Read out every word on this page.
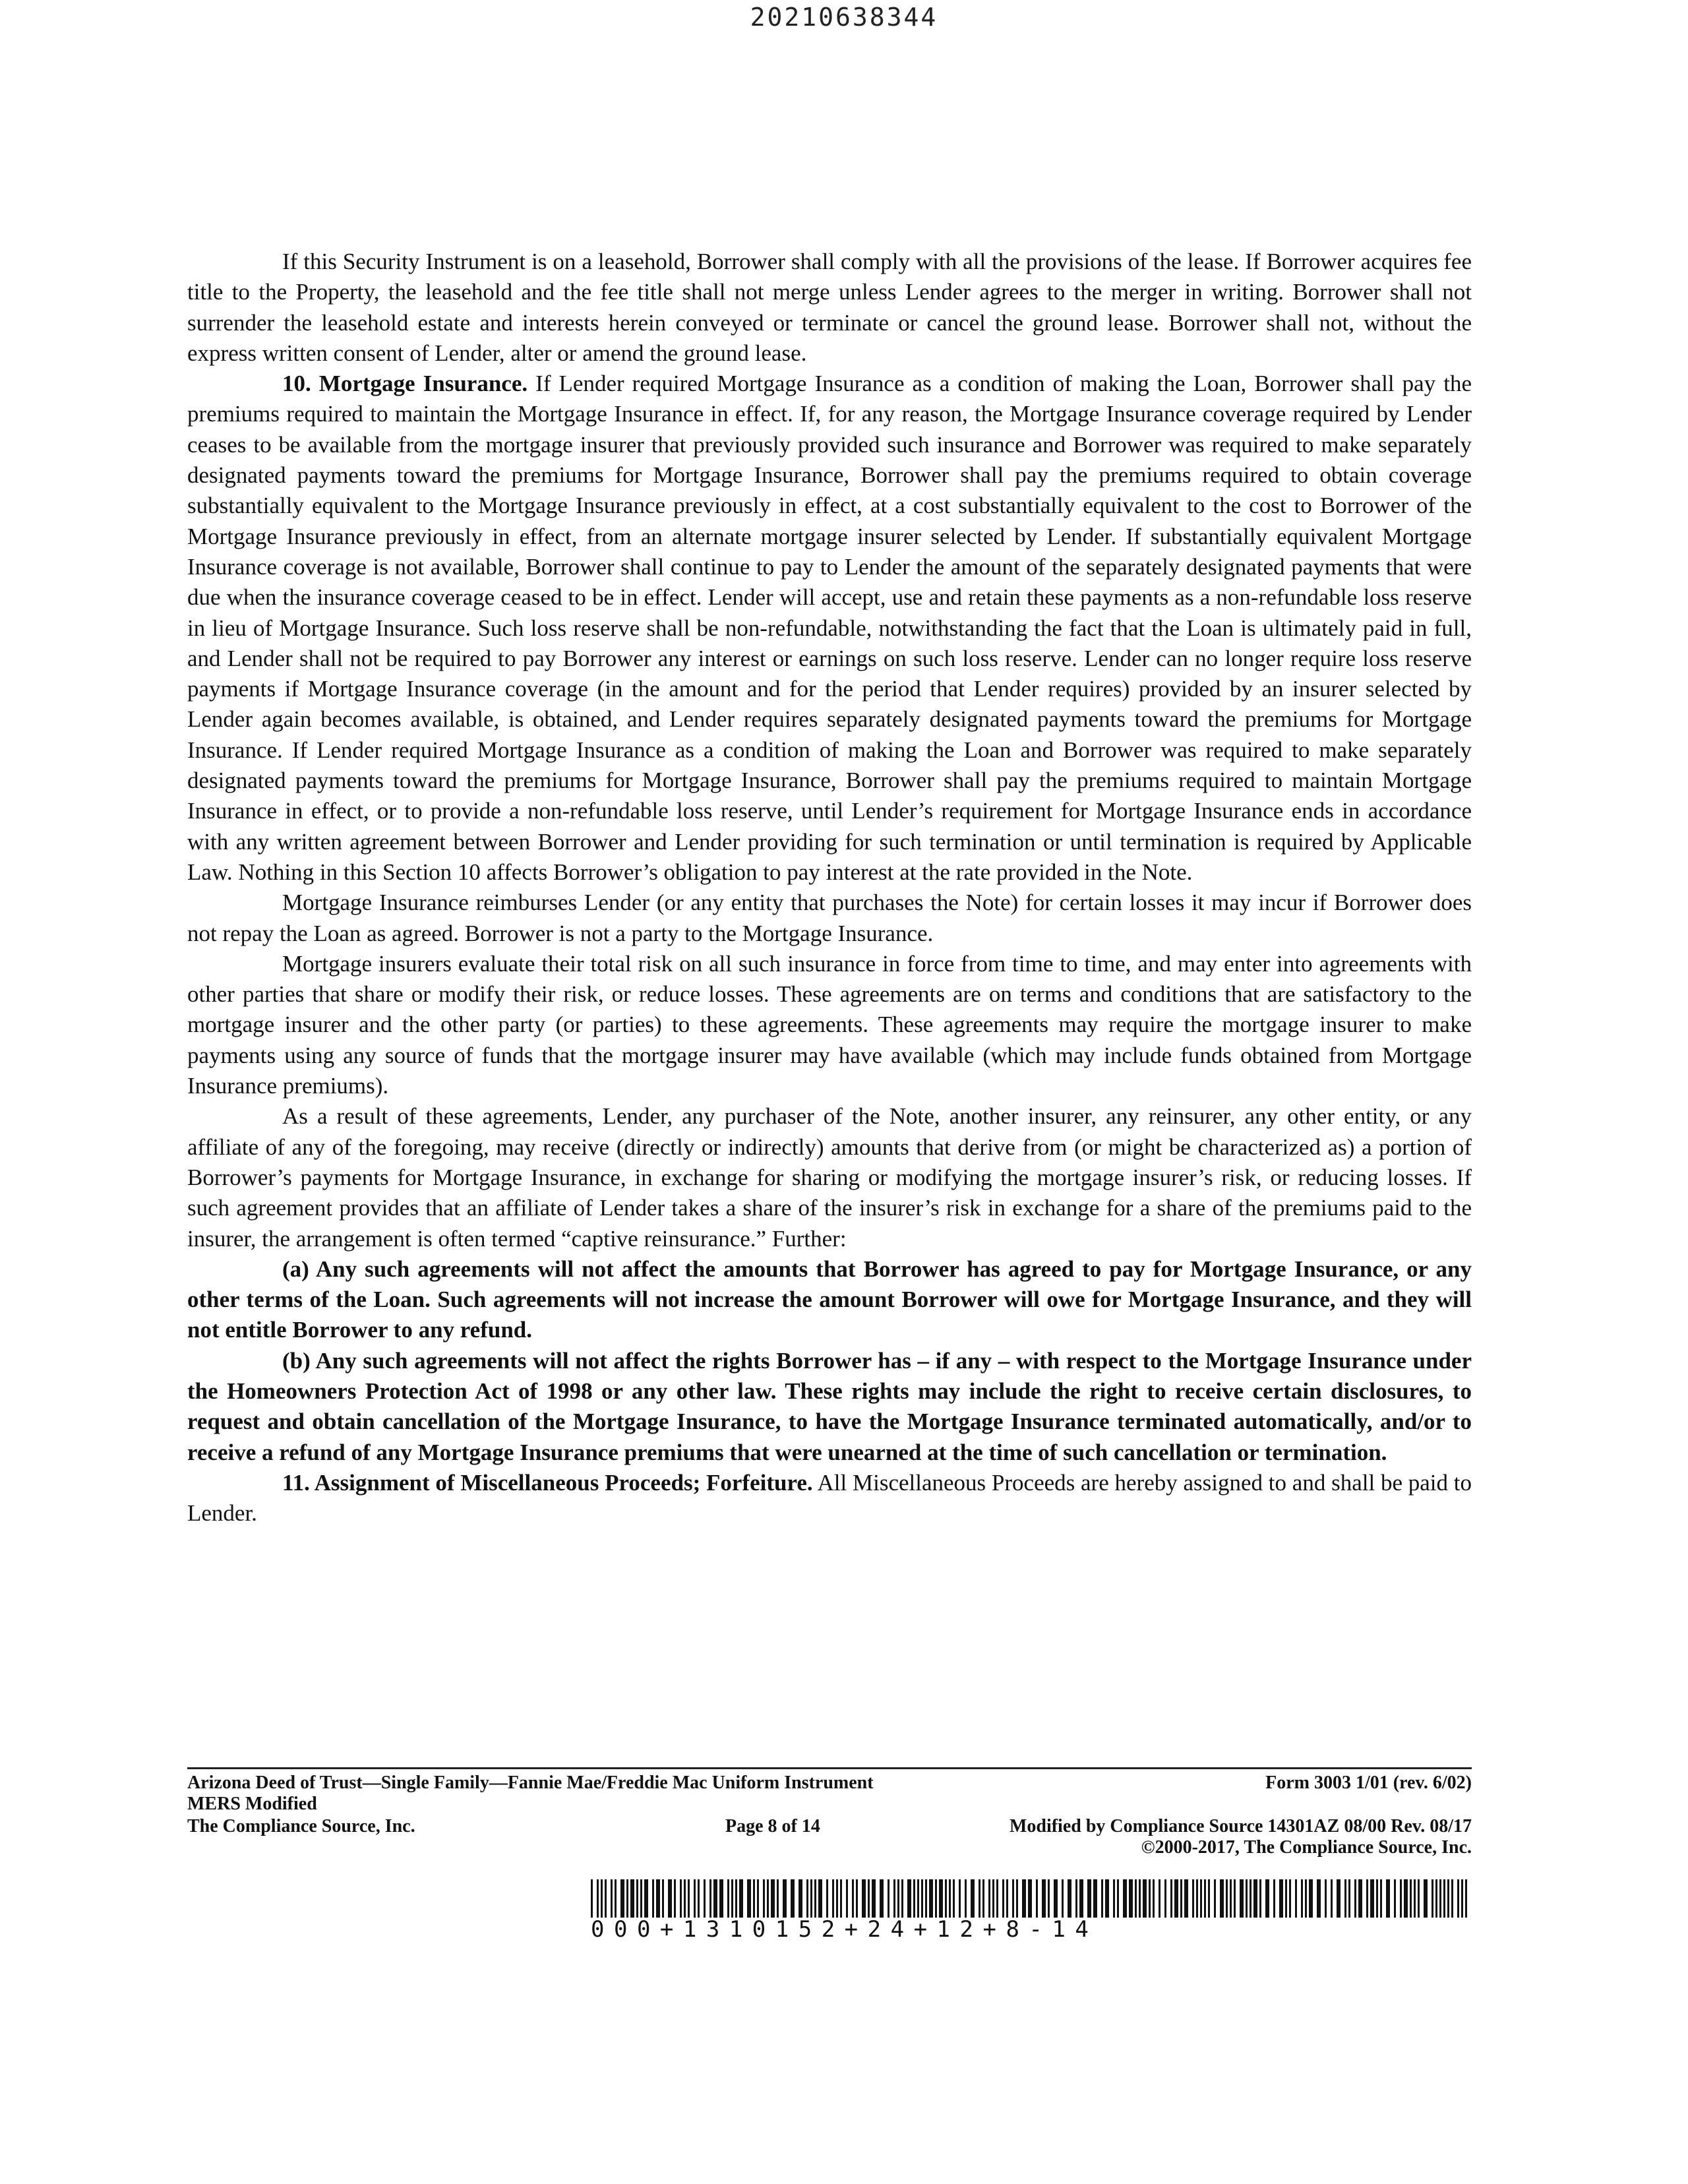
20210638344

If this Security Instrument is on a leasehold, Borrower shall comply with all the provisions of the lease. If Borrower acquires fee title to the Property, the leasehold and the fee title shall not merge unless Lender agrees to the merger in writing. Borrower shall not surrender the leasehold estate and interests herein conveyed or terminate or cancel the ground lease. Borrower shall not, without the express written consent of Lender, alter or amend the ground lease.

10. Mortgage Insurance. If Lender required Mortgage Insurance as a condition of making the Loan, Borrower shall pay the premiums required to maintain the Mortgage Insurance in effect. If, for any reason, the Mortgage Insurance coverage required by Lender ceases to be available from the mortgage insurer that previously provided such insurance and Borrower was required to make separately designated payments toward the premiums for Mortgage Insurance, Borrower shall pay the premiums required to obtain coverage substantially equivalent to the Mortgage Insurance previously in effect, at a cost substantially equivalent to the cost to Borrower of the Mortgage Insurance previously in effect, from an alternate mortgage insurer selected by Lender. If substantially equivalent Mortgage Insurance coverage is not available, Borrower shall continue to pay to Lender the amount of the separately designated payments that were due when the insurance coverage ceased to be in effect. Lender will accept, use and retain these payments as a non-refundable loss reserve in lieu of Mortgage Insurance. Such loss reserve shall be non-refundable, notwithstanding the fact that the Loan is ultimately paid in full, and Lender shall not be required to pay Borrower any interest or earnings on such loss reserve. Lender can no longer require loss reserve payments if Mortgage Insurance coverage (in the amount and for the period that Lender requires) provided by an insurer selected by Lender again becomes available, is obtained, and Lender requires separately designated payments toward the premiums for Mortgage Insurance. If Lender required Mortgage Insurance as a condition of making the Loan and Borrower was required to make separately designated payments toward the premiums for Mortgage Insurance, Borrower shall pay the premiums required to maintain Mortgage Insurance in effect, or to provide a non-refundable loss reserve, until Lender’s requirement for Mortgage Insurance ends in accordance with any written agreement between Borrower and Lender providing for such termination or until termination is required by Applicable Law. Nothing in this Section 10 affects Borrower’s obligation to pay interest at the rate provided in the Note.

Mortgage Insurance reimburses Lender (or any entity that purchases the Note) for certain losses it may incur if Borrower does not repay the Loan as agreed. Borrower is not a party to the Mortgage Insurance.

Mortgage insurers evaluate their total risk on all such insurance in force from time to time, and may enter into agreements with other parties that share or modify their risk, or reduce losses. These agreements are on terms and conditions that are satisfactory to the mortgage insurer and the other party (or parties) to these agreements. These agreements may require the mortgage insurer to make payments using any source of funds that the mortgage insurer may have available (which may include funds obtained from Mortgage Insurance premiums).

As a result of these agreements, Lender, any purchaser of the Note, another insurer, any reinsurer, any other entity, or any affiliate of any of the foregoing, may receive (directly or indirectly) amounts that derive from (or might be characterized as) a portion of Borrower’s payments for Mortgage Insurance, in exchange for sharing or modifying the mortgage insurer’s risk, or reducing losses. If such agreement provides that an affiliate of Lender takes a share of the insurer’s risk in exchange for a share of the premiums paid to the insurer, the arrangement is often termed “captive reinsurance.” Further:

(a) Any such agreements will not affect the amounts that Borrower has agreed to pay for Mortgage Insurance, or any other terms of the Loan. Such agreements will not increase the amount Borrower will owe for Mortgage Insurance, and they will not entitle Borrower to any refund.

(b) Any such agreements will not affect the rights Borrower has – if any – with respect to the Mortgage Insurance under the Homeowners Protection Act of 1998 or any other law. These rights may include the right to receive certain disclosures, to request and obtain cancellation of the Mortgage Insurance, to have the Mortgage Insurance terminated automatically, and/or to receive a refund of any Mortgage Insurance premiums that were unearned at the time of such cancellation or termination.

11. Assignment of Miscellaneous Proceeds; Forfeiture. All Miscellaneous Proceeds are hereby assigned to and shall be paid to Lender.

Arizona Deed of Trust—Single Family—Fannie Mae/Freddie Mac Uniform Instrument	Form 3003 1/01 (rev. 6/02)
MERS Modified
The Compliance Source, Inc.	Page 8 of 14	Modified by Compliance Source 14301AZ 08/00 Rev. 08/17
©2000-2017, The Compliance Source, Inc.
000+1310152+24+12+8-14
